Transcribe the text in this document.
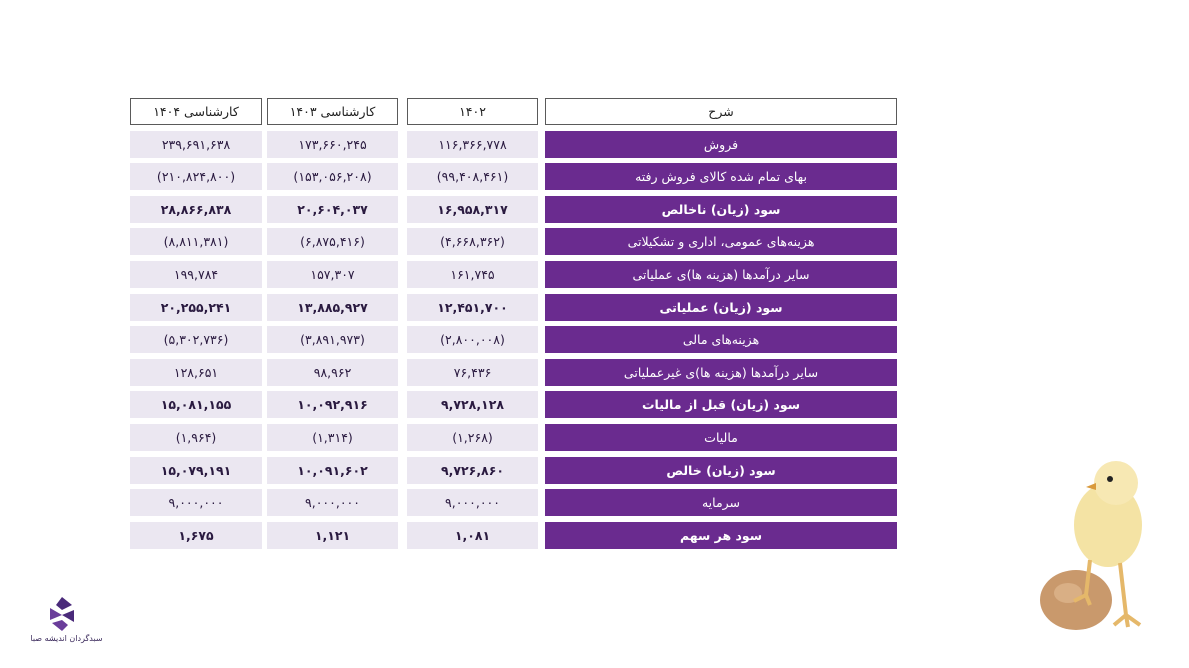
شرح
۱۴۰۲
کارشناسی ۱۴۰۳
کارشناسی ۱۴۰۴
فروش
۱۱۶,۳۶۶,۷۷۸
۱۷۳,۶۶۰,۲۴۵
۲۳۹,۶۹۱,۶۳۸
بهای تمام شده کالای فروش رفته
(۹۹,۴۰۸,۴۶۱)
(۱۵۳,۰۵۶,۲۰۸)
(۲۱۰,۸۲۴,۸۰۰)
سود (زیان) ناخالص
۱۶,۹۵۸,۳۱۷
۲۰,۶۰۴,۰۳۷
۲۸,۸۶۶,۸۳۸
هزینه‌های عمومی، اداری و تشکیلاتی
(۴,۶۶۸,۳۶۲)
(۶,۸۷۵,۴۱۶)
(۸,۸۱۱,۳۸۱)
سایر درآمدها (هزینه ها)ی عملیاتی
۱۶۱,۷۴۵
۱۵۷,۳۰۷
۱۹۹,۷۸۴
سود (زیان) عملیاتی
۱۲,۴۵۱,۷۰۰
۱۳,۸۸۵,۹۲۷
۲۰,۲۵۵,۲۴۱
هزینه‌های مالی
(۲,۸۰۰,۰۰۸)
(۳,۸۹۱,۹۷۳)
(۵,۳۰۲,۷۳۶)
سایر درآمدها (هزینه ها)ی غیرعملیاتی
۷۶,۴۳۶
۹۸,۹۶۲
۱۲۸,۶۵۱
سود (زیان) قبل از مالیات
۹,۷۲۸,۱۲۸
۱۰,۰۹۲,۹۱۶
۱۵,۰۸۱,۱۵۵
مالیات
(۱,۲۶۸)
(۱,۳۱۴)
(۱,۹۶۴)
سود (زیان) خالص
۹,۷۲۶,۸۶۰
۱۰,۰۹۱,۶۰۲
۱۵,۰۷۹,۱۹۱
سرمایه
۹,۰۰۰,۰۰۰
۹,۰۰۰,۰۰۰
۹,۰۰۰,۰۰۰
سود هر سهم
۱,۰۸۱
۱,۱۲۱
۱,۶۷۵
سبدگردان اندیشه صبا
